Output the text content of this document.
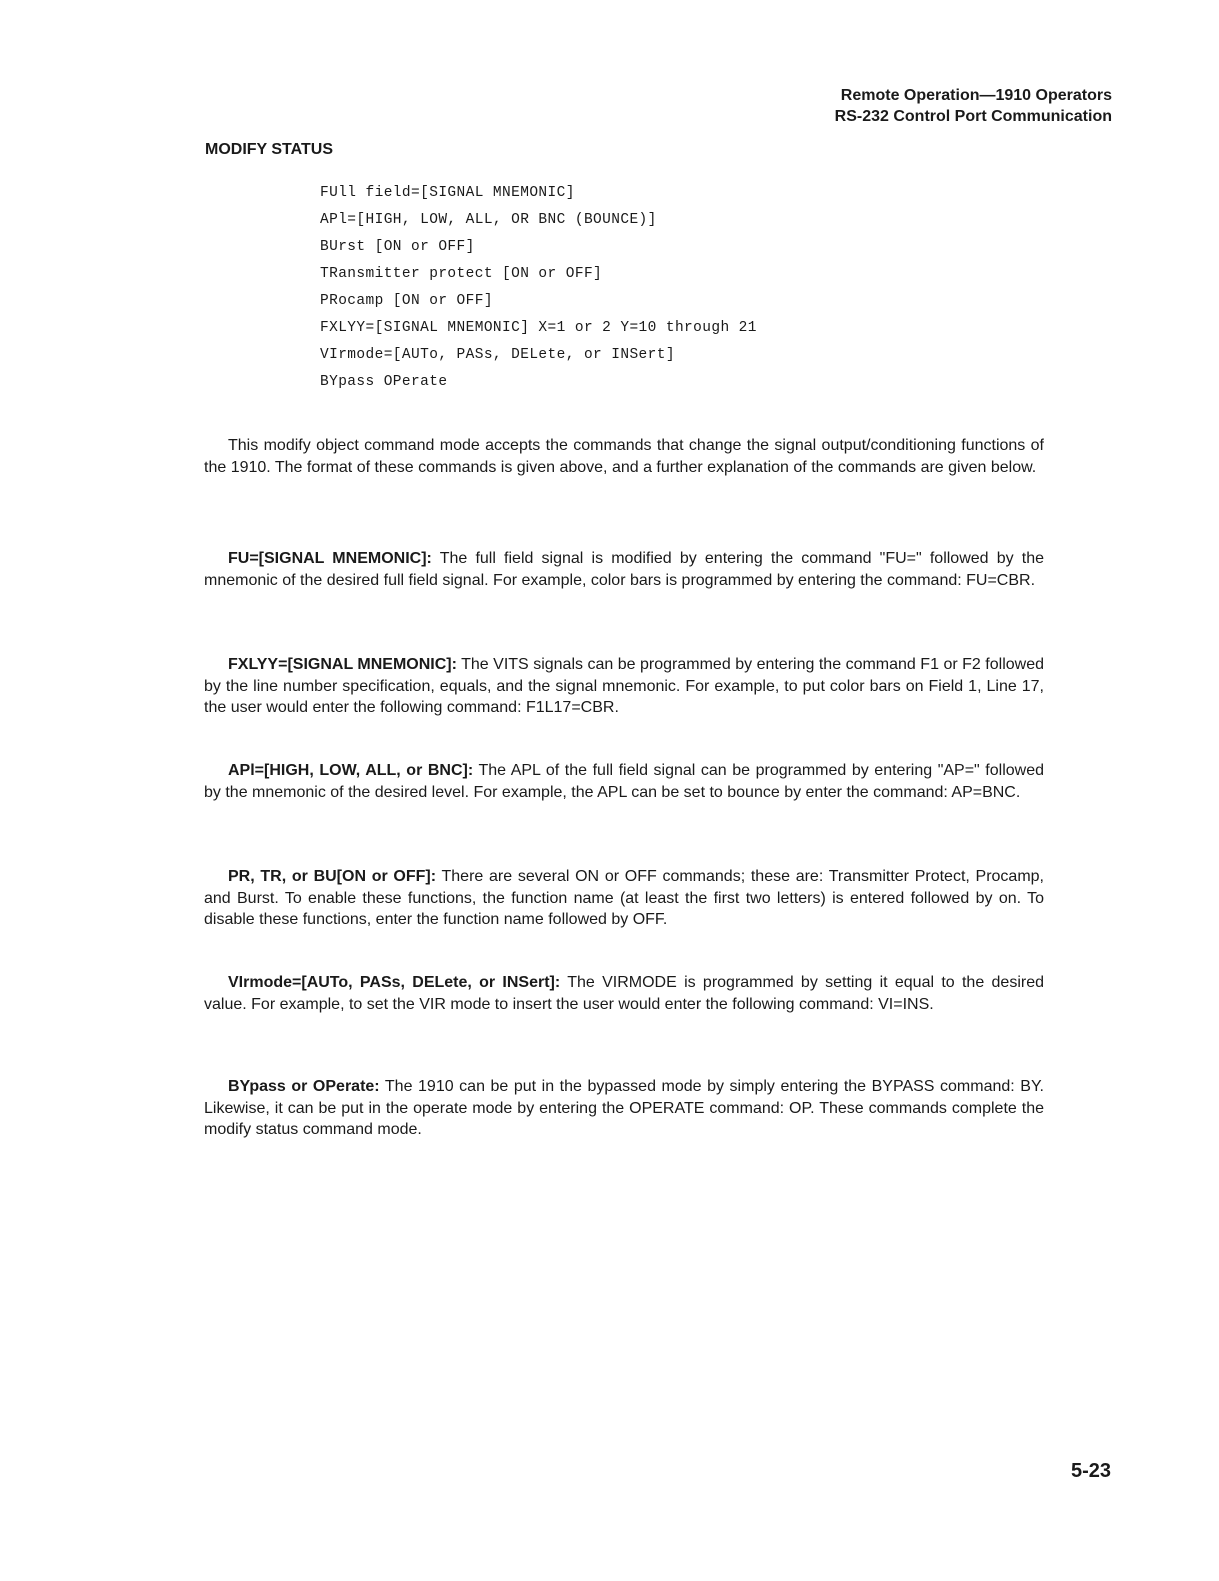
Remote Operation—1910 Operators
RS-232 Control Port Communication
MODIFY STATUS
FUll field=[SIGNAL MNEMONIC]
APl=[HIGH, LOW, ALL, OR BNC (BOUNCE)]
BUrst [ON or OFF]
TRansmitter protect [ON or OFF]
PRocamp [ON or OFF]
FXLYY=[SIGNAL MNEMONIC] X=1 or 2 Y=10 through 21
VIrmode=[AUTo, PASs, DELete, or INSert]
BYpass OPerate

This modify object command mode accepts the commands that change the signal output/conditioning functions of the 1910. The format of these commands is given above, and a further explanation of the commands are given below.

FU=[SIGNAL MNEMONIC]: The full field signal is modified by entering the command "FU=" followed by the mnemonic of the desired full field signal. For example, color bars is programmed by entering the command: FU=CBR.

FXLYY=[SIGNAL MNEMONIC]: The VITS signals can be programmed by entering the command F1 or F2 followed by the line number specification, equals, and the signal mnemonic. For example, to put color bars on Field 1, Line 17, the user would enter the following command: F1L17=CBR.

APl=[HIGH, LOW, ALL, or BNC]: The APL of the full field signal can be programmed by entering "AP=" followed by the mnemonic of the desired level. For example, the APL can be set to bounce by enter the command: AP=BNC.

PR, TR, or BU[ON or OFF]: There are several ON or OFF commands; these are: Transmitter Protect, Procamp, and Burst. To enable these functions, the function name (at least the first two letters) is entered followed by on. To disable these functions, enter the function name followed by OFF.

VIrmode=[AUTo, PASs, DELete, or INSert]: The VIRMODE is programmed by setting it equal to the desired value. For example, to set the VIR mode to insert the user would enter the following command: VI=INS.

BYpass or OPerate: The 1910 can be put in the bypassed mode by simply entering the BYPASS command: BY. Likewise, it can be put in the operate mode by entering the OPERATE command: OP. These commands complete the modify status command mode.

5-23
